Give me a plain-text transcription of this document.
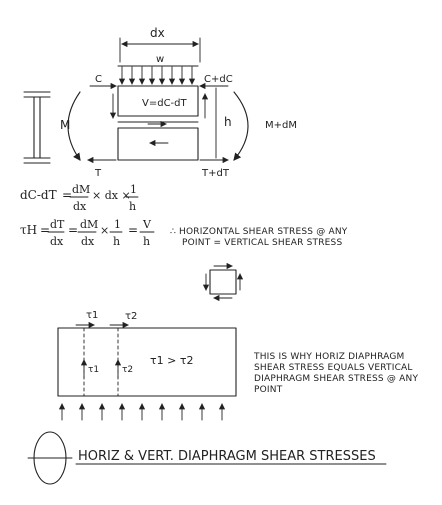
dx
w
C	C+dC
T	T+dT
V=dC-dT
h
M	M+dM
dC-dT = dM
dx
× dx × 1
h
τH = dT
dx
= dM
dx
× 1
h
= V
h
∴ HORIZONTAL SHEAR STRESS @ ANY
POINT = VERTICAL SHEAR STRESS
τ1	τ2
τ1	τ2
τ1 > τ2	THIS IS WHY HORIZ DIAPHRAGM
SHEAR STRESS EQUALS VERTICAL
DIAPHRAGM SHEAR STRESS @ ANY
POINT
HORIZ & VERT. DIAPHRAGM SHEAR STRESSES
